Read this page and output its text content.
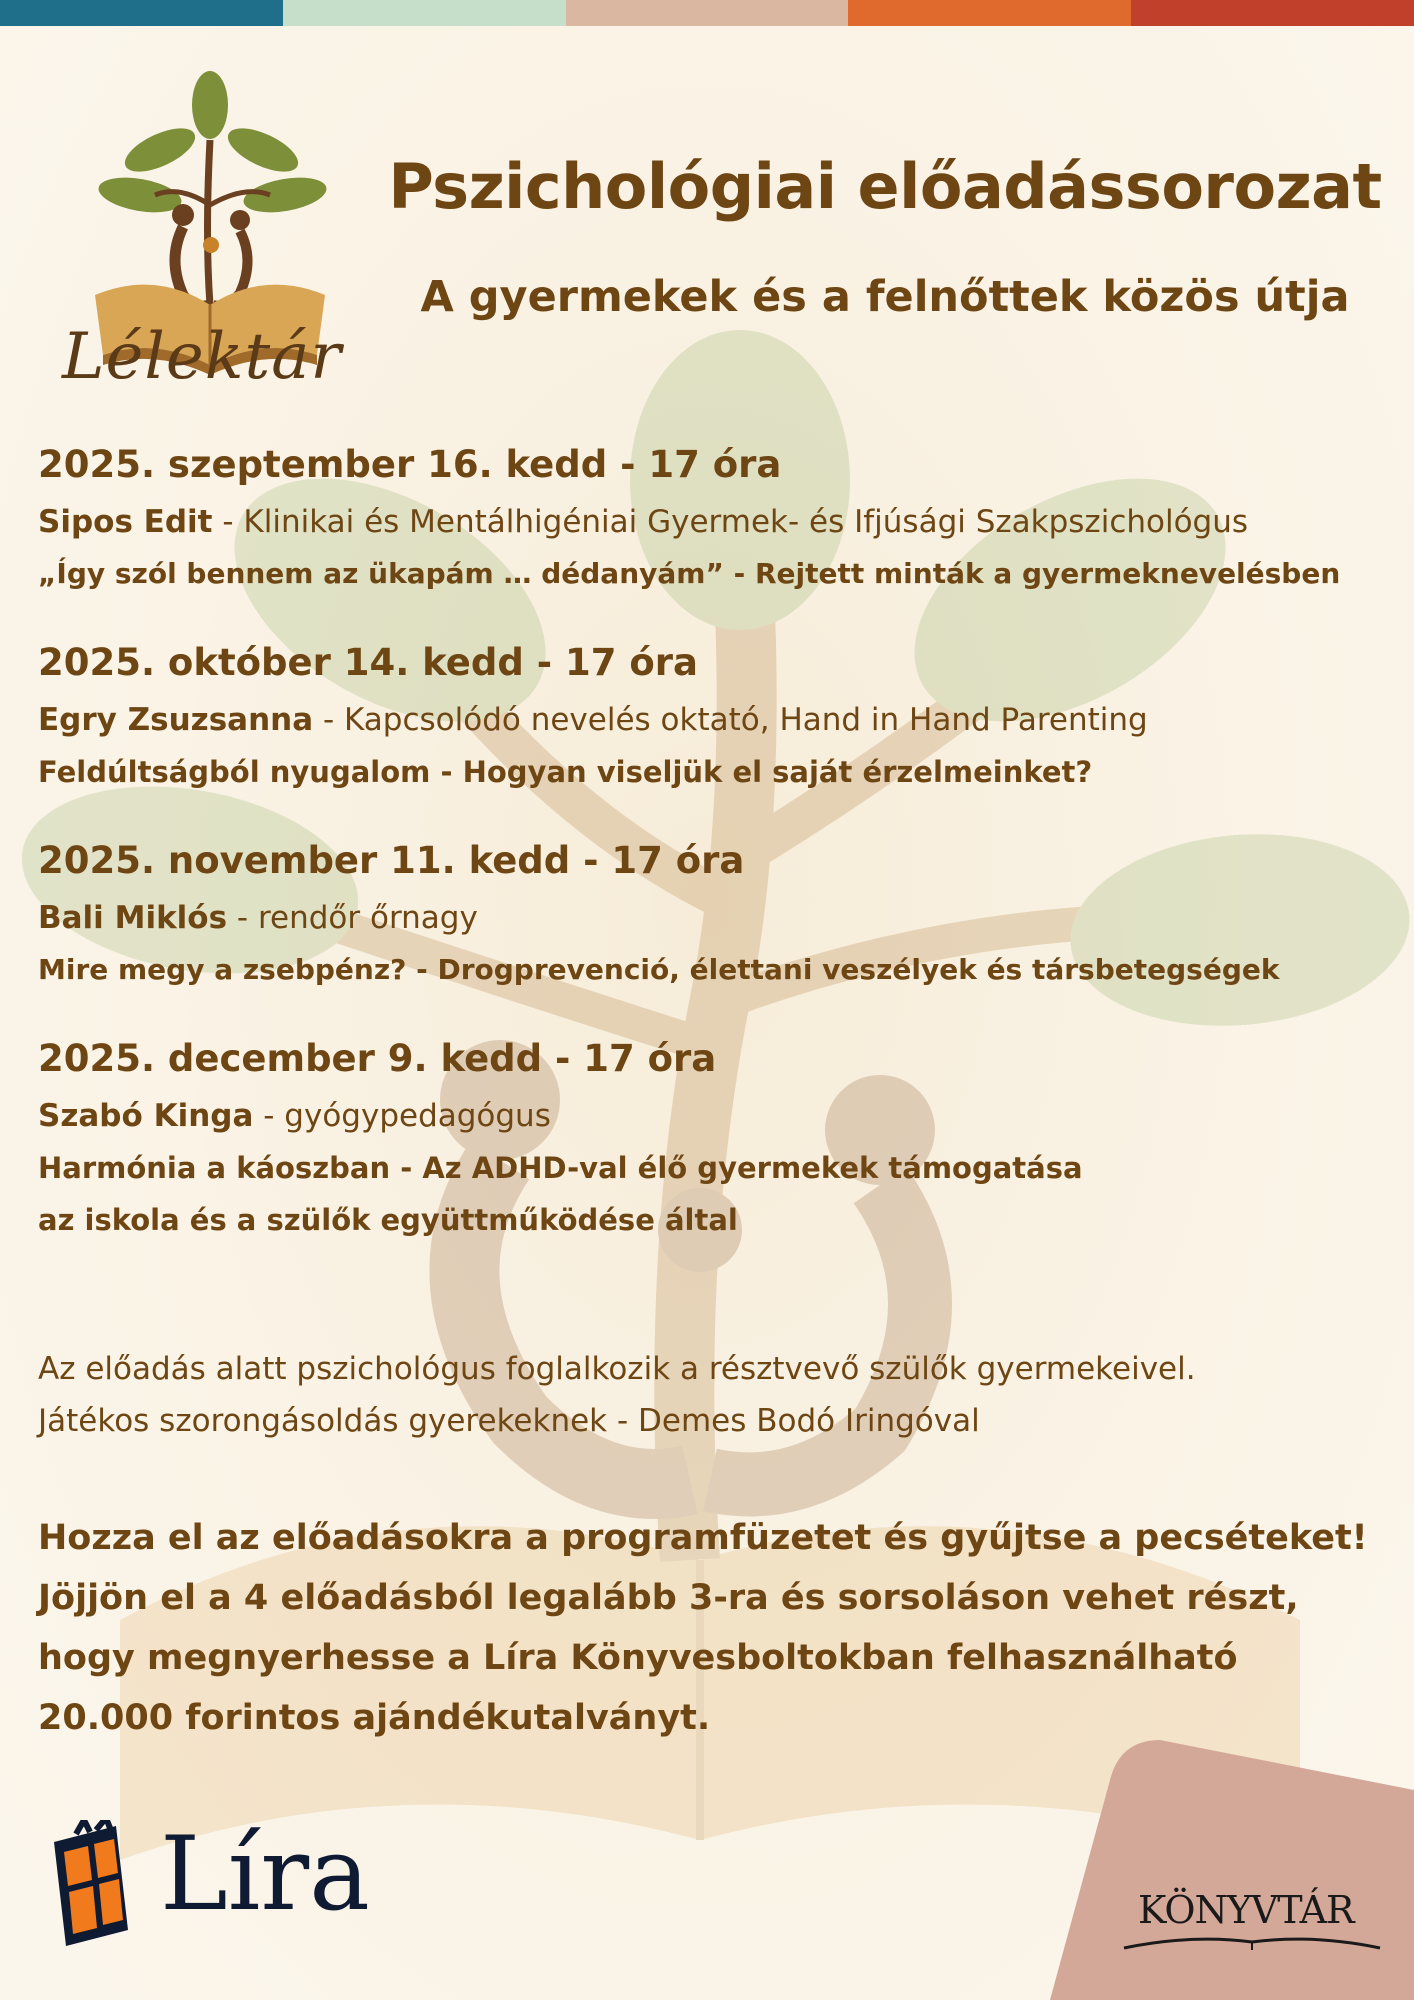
Lélektár
Pszichológiai előadássorozat
A gyermekek és a felnőttek közös útja
2025. szeptember 16. kedd - 17 óra
Sipos Edit - Klinikai és Mentálhigéniai Gyermek- és Ifjúsági Szakpszichológus
„Így szól bennem az ükapám … dédanyám” - Rejtett minták a gyermeknevelésben
2025. október 14. kedd - 17 óra
Egry Zsuzsanna - Kapcsolódó nevelés oktató, Hand in Hand Parenting
Feldúltságból nyugalom - Hogyan viseljük el saját érzelmeinket?
2025. november 11. kedd - 17 óra
Bali Miklós - rendőr őrnagy
Mire megy a zsebpénz? - Drogprevenció, élettani veszélyek és társbetegségek
2025. december 9. kedd - 17 óra
Szabó Kinga - gyógypedagógus
Harmónia a káoszban - Az ADHD-val élő gyermekek támogatása
az iskola és a szülők együttműködése által
Az előadás alatt pszichológus foglalkozik a résztvevő szülők gyermekeivel.
Játékos szorongásoldás gyerekeknek - Demes Bodó Iringóval
Hozza el az előadásokra a programfüzetet és gyűjtse a pecséteket!
Jöjjön el a 4 előadásból legalább 3-ra és sorsoláson vehet részt,
hogy megnyerhesse a Líra Könyvesboltokban felhasználható
20.000 forintos ajándékutalványt.
Líra	KÖNYVTÁR
